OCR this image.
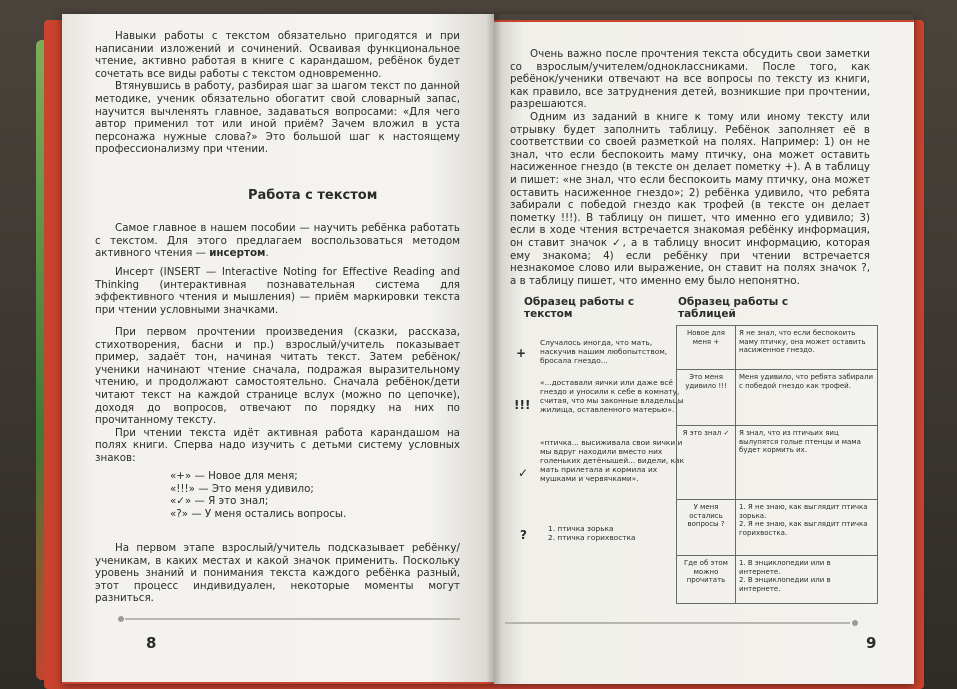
Навыки работы с текстом обязательно пригодятся и при написании изложений и сочинений. Осваивая функциональное чтение, активно работая в книге с карандашом, ребёнок будет сочетать все виды работы с текстом одновременно.

Втянувшись в работу, разбирая шаг за шагом текст по данной методике, ученик обязательно обогатит свой словарный запас, научится вычленять главное, задаваться вопросами: «Для чего автор применил тот или иной приём? Зачем вложил в уста персонажа нужные слова?» Это большой шаг к настоящему профессионализму при чтении.

Работа с текстом

Самое главное в нашем пособии — научить ребёнка работать с текстом. Для этого предлагаем воспользоваться методом активного чтения — инсертом.

Инсерт (INSERT — Interactive Noting for Effective Reading and Thinking (интерактивная познавательная система для эффективного чтения и мышления) — приём маркировки текста при чтении условными значками.

При первом прочтении произведения (сказки, рассказа, стихотворения, басни и пр.) взрослый/учитель показывает пример, задаёт тон, начиная читать текст. Затем ребёнок/ученики начинают чтение сначала, подражая выразительному чтению, и продолжают самостоятельно. Сначала ребёнок/дети читают текст на каждой странице вслух (можно по цепочке), доходя до вопросов, отвечают по порядку на них по прочитанному тексту.

При чтении текста идёт активная работа карандашом на полях книги. Сперва надо изучить с детьми систему условных знаков:

«+» — Новое для меня;
«!!!» — Это меня удивило;
«✓» — Я это знал;
«?» — У меня остались вопросы.

На первом этапе взрослый/учитель подсказывает ребёнку/ученикам, в каких местах и какой значок применить. Поскольку уровень знаний и понимания текста каждого ребёнка разный, этот процесс индивидуален, некоторые моменты могут разниться.

8

Очень важно после прочтения текста обсудить свои заметки со взрослым/учителем/одноклассниками. После того, как ребёнок/ученики отвечают на все вопросы по тексту из книги, как правило, все затруднения детей, возникшие при прочтении, разрешаются.

Одним из заданий в книге к тому или иному тексту или отрывку будет заполнить таблицу. Ребёнок заполняет её в соответствии со своей разметкой на полях. Например: 1) он не знал, что если беспокоить маму птичку, она может оставить насиженное гнездо (в тексте он делает пометку +). А в таблицу и пишет: «не знал, что если беспокоить маму птичку, она может оставить насиженное гнездо»; 2) ребёнка удивило, что ребята забирали с победой гнездо как трофей (в тексте он делает пометку !!!). В таблицу он пишет, что именно его удивило; 3) если в ходе чтения встречается знакомая ребёнку информация, он ставит значок ✓, а в таблицу вносит информацию, которая ему знакома; 4) если ребёнку при чтении встречается незнакомое слово или выражение, он ставит на полях значок ?, а в таблицу пишет, что именно ему было непонятно.

Образец работы с текстом
Образец работы с таблицей
+
Случалось иногда, что мать, наскучив нашим любопытством, бросала гнездо...
!!!
«...доставали яички или даже всё гнездо и уносили к себе в комнату, считая, что мы законные владельцы жилища, оставленного матерью».
✓
«птичка... высиживала свои яички и мы вдруг находили вместо них голеньких детёнышей... видели, как мать прилетала и кормила их мушками и червячками».
?	1. птичка зорька
2. птичка горихвостка
Новое для меня +	Я не знал, что если беспокоить маму птичку, она может оставить насиженное гнездо.
Это меня удивило !!!	Меня удивило, что ребята забирали с победой гнездо как трофей.
Я это знал ✓	Я знал, что из птичьих яиц вылупятся голые птенцы и мама будет кормить их.
У меня остались вопросы ?	1. Я не знаю, как выглядит птичка зорька.
2. Я не знаю, как выглядит птичка горихвостка.
Где об этом можно прочитать	1. В энциклопедии или в интернете.
2. В энциклопедии или в интернете.
9
